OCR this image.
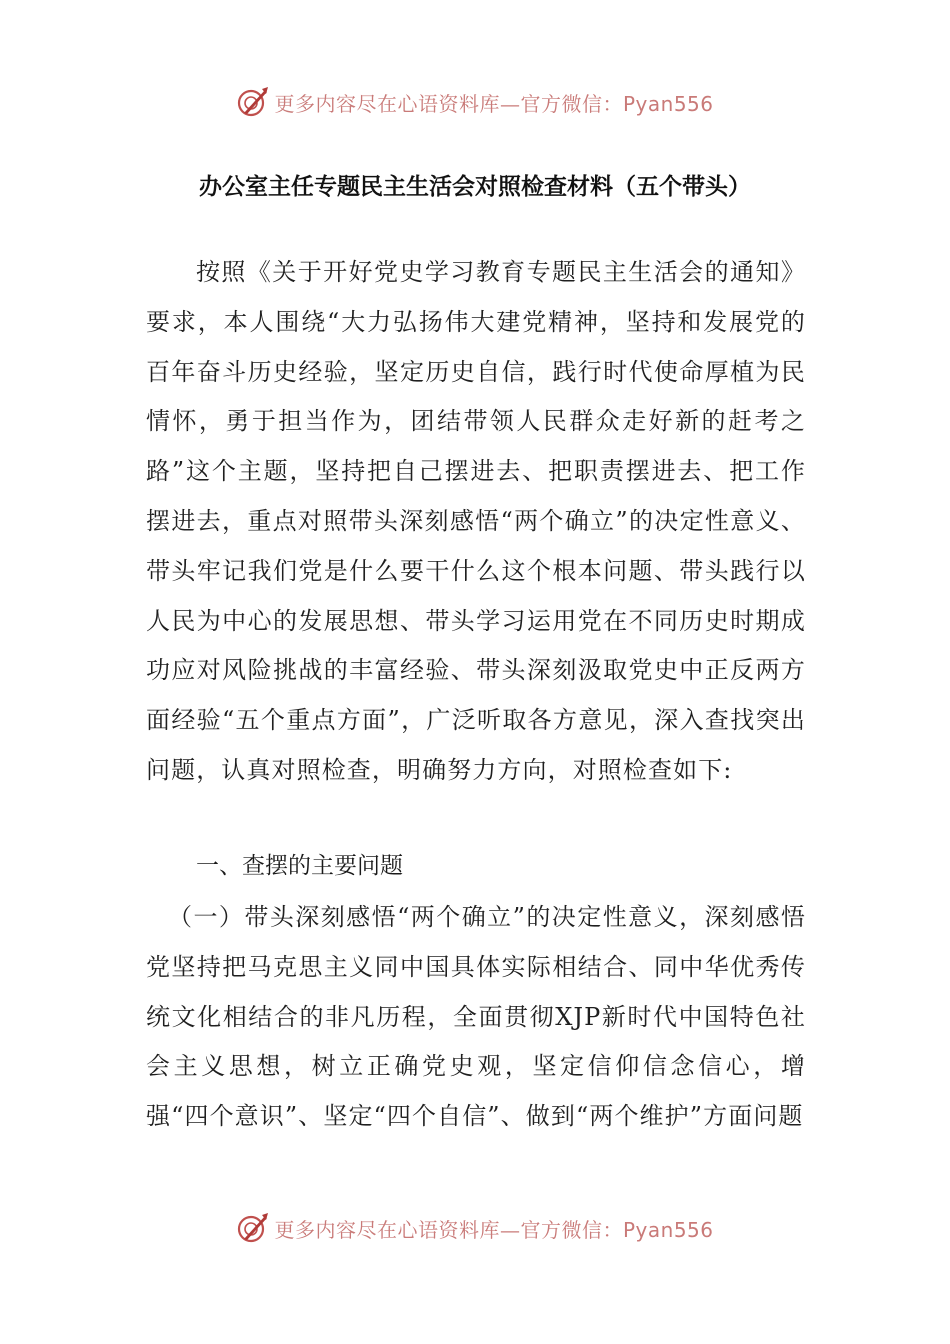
更多内容尽在心语资料库—官方微信：Pyan556
办公室主任专题民主生活会对照检查材料（五个带头）

按照《关于开好党史学习教育专题民主生活会的通知》要求，本人围绕“大力弘扬伟大建党精神，坚持和发展党的百年奋斗历史经验，坚定历史自信，践行时代使命厚植为民情怀，勇于担当作为，团结带领人民群众走好新的赶考之路”这个主题，坚持把自己摆进去、把职责摆进去、把工作摆进去，重点对照带头深刻感悟“两个确立”的决定性意义、带头牢记我们党是什么要干什么这个根本问题、带头践行以人民为中心的发展思想、带头学习运用党在不同历史时期成功应对风险挑战的丰富经验、带头深刻汲取党史中正反两方面经验“五个重点方面”，广泛听取各方意见，深入查找突出问题，认真对照检查，明确努力方向，对照检查如下:

一、查摆的主要问题

（一）带头深刻感悟“两个确立”的决定性意义，深刻感悟党坚持把马克思主义同中国具体实际相结合、同中华优秀传统文化相结合的非凡历程，全面贯彻XJP新时代中国特色社会主义思想，树立正确党史观，坚定信仰信念信心，增强“四个意识”、坚定“四个自信”、做到“两个维护”方面问题

更多内容尽在心语资料库—官方微信：Pyan556
